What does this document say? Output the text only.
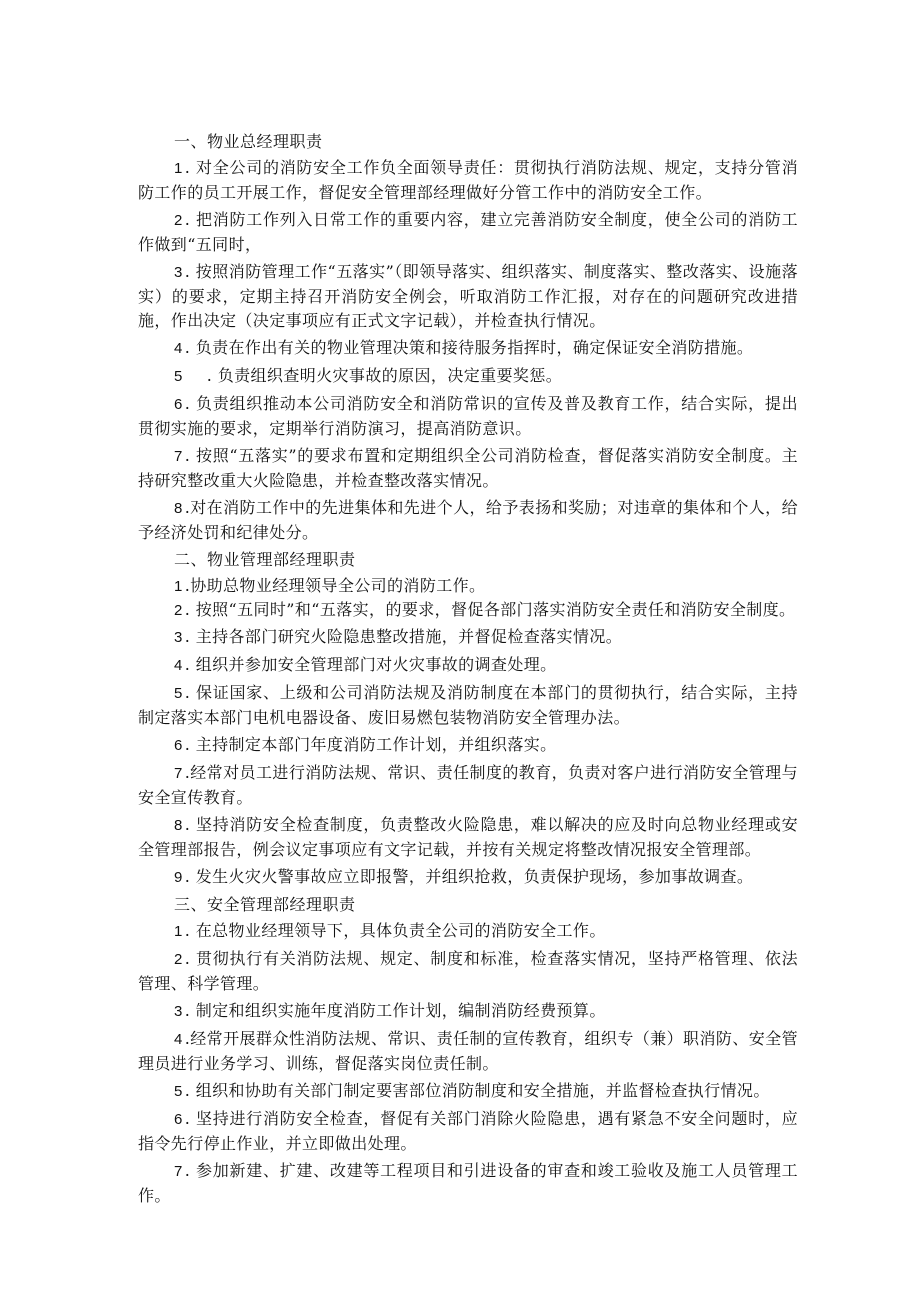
一、物业总经理职责

1 . 对全公司的消防安全工作负全面领导责任：贯彻执行消防法规、规定，支持分管消防工作的员工开展工作，督促安全管理部经理做好分管工作中的消防安全工作。

2 . 把消防工作列入日常工作的重要内容，建立完善消防安全制度，使全公司的消防工作做到“五同时，

3 . 按照消防管理工作“五落实”（即领导落实、组织落实、制度落实、整改落实、设施落实）的要求，定期主持召开消防安全例会，听取消防工作汇报，对存在的问题研究改进措施，作出决定（决定事项应有正式文字记载），并检查执行情况。

4 . 负责在作出有关的物业管理决策和接待服务指挥时，确定保证安全消防措施。

5 . 负责组织查明火灾事故的原因，决定重要奖惩。

6 . 负责组织推动本公司消防安全和消防常识的宣传及普及教育工作，结合实际，提出贯彻实施的要求，定期举行消防演习，提高消防意识。

7 . 按照“五落实”的要求布置和定期组织全公司消防检查，督促落实消防安全制度。主持研究整改重大火险隐患，并检查整改落实情况。

8 .对在消防工作中的先进集体和先进个人，给予表扬和奖励；对违章的集体和个人，给予经济处罚和纪律处分。

二、物业管理部经理职责

1 .协助总物业经理领导全公司的消防工作。

2 . 按照“五同时”和“五落实，的要求，督促各部门落实消防安全责任和消防安全制度。

3 . 主持各部门研究火险隐患整改措施，并督促检查落实情况。

4 . 组织并参加安全管理部门对火灾事故的调查处理。

5 . 保证国家、上级和公司消防法规及消防制度在本部门的贯彻执行，结合实际，主持制定落实本部门电机电器设备、废旧易燃包装物消防安全管理办法。

6 . 主持制定本部门年度消防工作计划，并组织落实。

7 .经常对员工进行消防法规、常识、责任制度的教育，负责对客户进行消防安全管理与安全宣传教育。

8 . 坚持消防安全检查制度，负责整改火险隐患，难以解决的应及时向总物业经理或安全管理部报告，例会议定事项应有文字记载，并按有关规定将整改情况报安全管理部。

9 . 发生火灾火警事故应立即报警，并组织抢救，负责保护现场，参加事故调查。

三、安全管理部经理职责

1 . 在总物业经理领导下，具体负责全公司的消防安全工作。

2 . 贯彻执行有关消防法规、规定、制度和标准，检查落实情况，坚持严格管理、依法管理、科学管理。

3 . 制定和组织实施年度消防工作计划，编制消防经费预算。

4 .经常开展群众性消防法规、常识、责任制的宣传教育，组织专（兼）职消防、安全管理员进行业务学习、训练，督促落实岗位责任制。

5 . 组织和协助有关部门制定要害部位消防制度和安全措施，并监督检查执行情况。

6 . 坚持进行消防安全检查，督促有关部门消除火险隐患，遇有紧急不安全问题时，应指令先行停止作业，并立即做出处理。

7 . 参加新建、扩建、改建等工程项目和引进设备的审查和竣工验收及施工人员管理工作。
